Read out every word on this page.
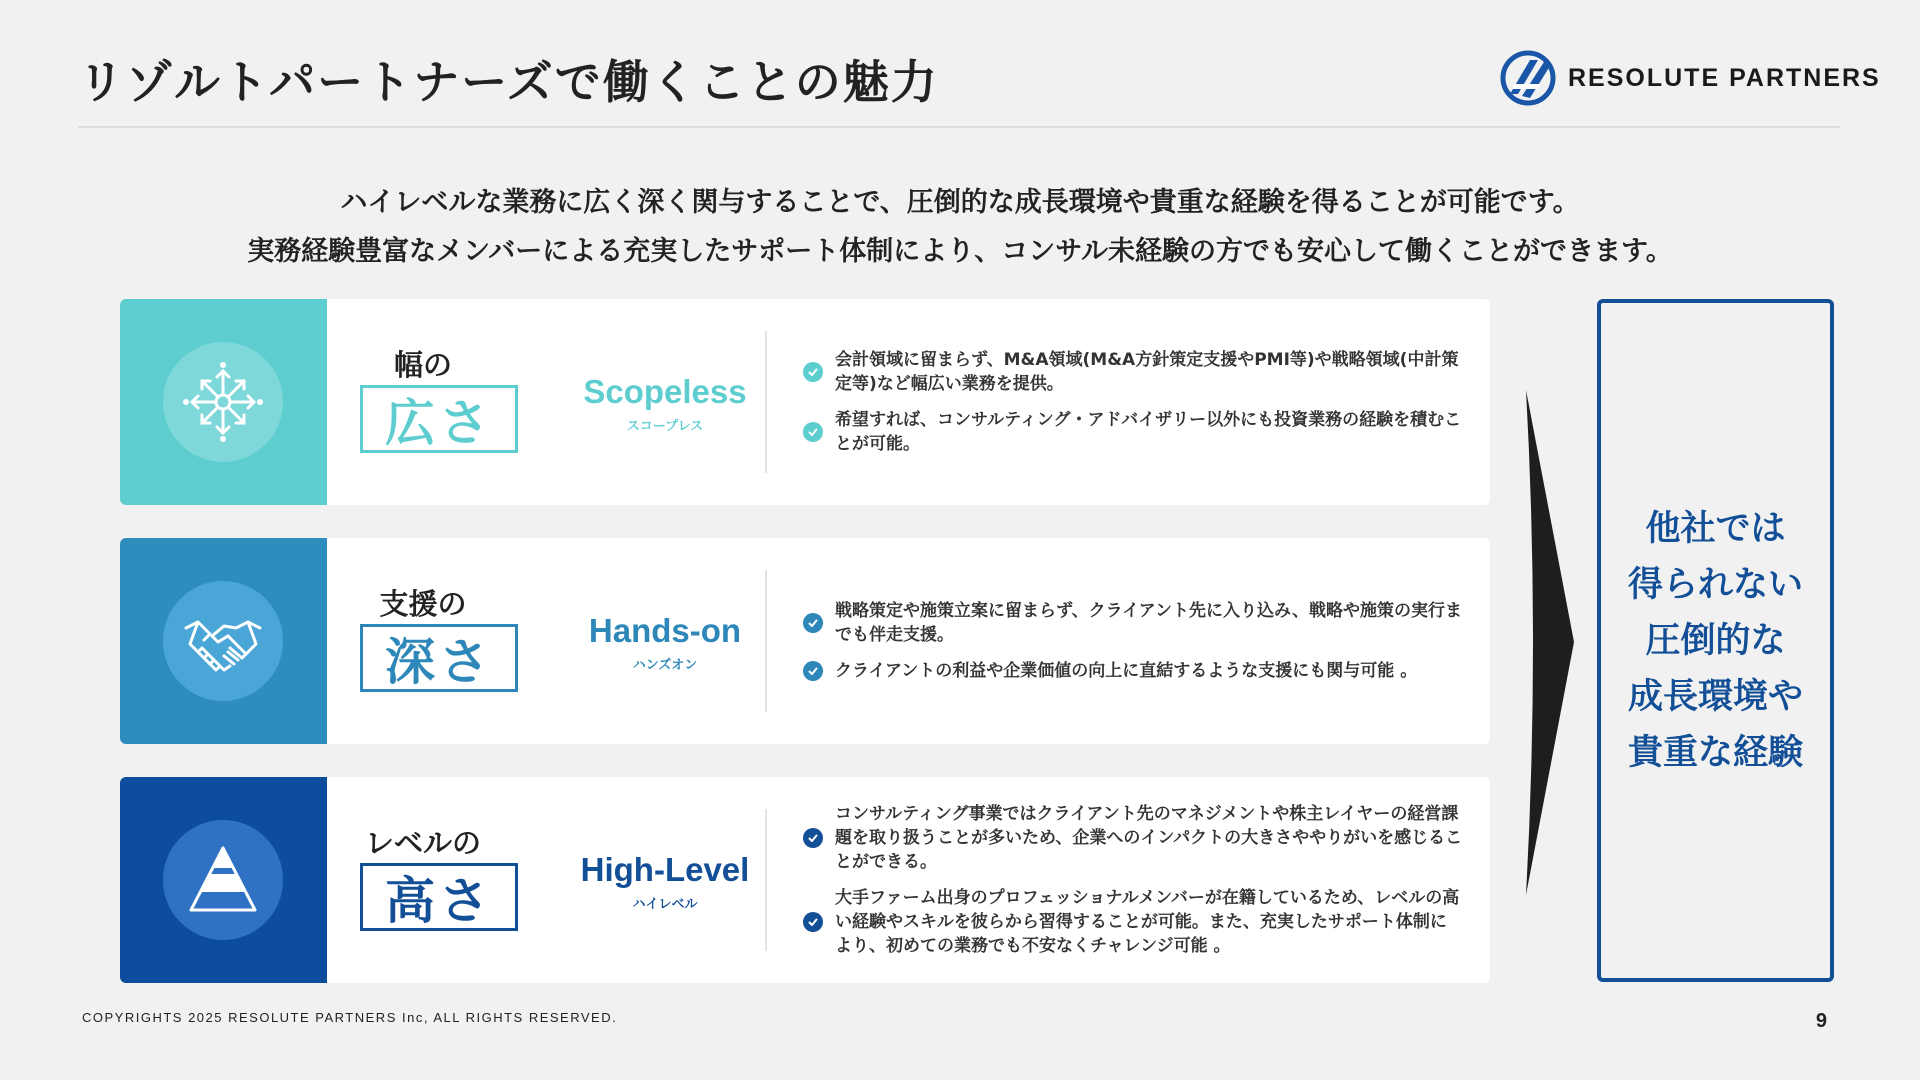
リゾルトパートナーズで働くことの魅力	RESOLUTE PARTNERS

ハイレベルな業務に広く深く関与することで、圧倒的な成長環境や貴重な経験を得ることが可能です。

実務経験豊富なメンバーによる充実したサポート体制により、コンサル未経験の方でも安心して働くことができます。

幅の
広さ
Scopeless
スコープレス
会計領域に留まらず、M&A領域(M&A方針策定支援やPMI等)や戦略領域(中計策定等)など幅広い業務を提供。
希望すれば、コンサルティング・アドバイザリー以外にも投資業務の経験を積むことが可能。
支援の
深さ
Hands-on
ハンズオン
戦略策定や施策立案に留まらず、クライアント先に入り込み、戦略や施策の実行までも伴走支援。
クライアントの利益や企業価値の向上に直結するような支援にも関与可能 。
レベルの
高さ
High-Level
ハイレベル
コンサルティング事業ではクライアント先のマネジメントや株主レイヤーの経営課題を取り扱うことが多いため、企業へのインパクトの大きさややりがいを感じることができる。
大手ファーム出身のプロフェッショナルメンバーが在籍しているため、レベルの高い経験やスキルを彼らから習得することが可能。また、充実したサポート体制により、初めての業務でも不安なくチャレンジ可能 。
他社では
得られない
圧倒的な
成長環境や
貴重な経験
COPYRIGHTS 2025 RESOLUTE PARTNERS Inc, ALL RIGHTS RESERVED.	9
